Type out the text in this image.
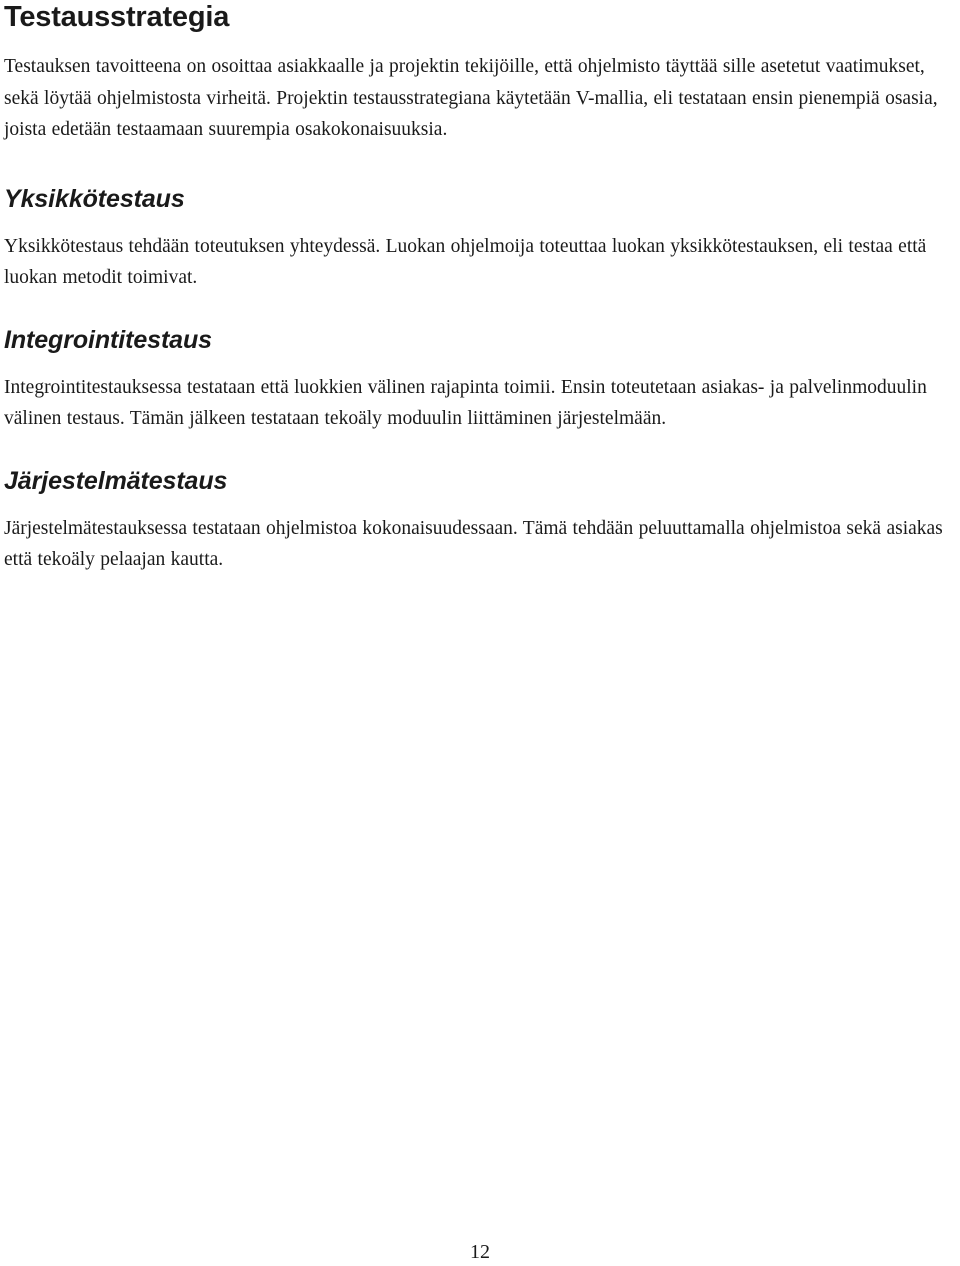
Testausstrategia

Testauksen tavoitteena on osoittaa asiakkaalle ja projektin tekijöille, että ohjelmisto täyttää sille asetetut vaatimukset, sekä löytää ohjelmistosta virheitä. Projektin testausstrategiana käytetään V-mallia, eli testataan ensin pienempiä osasia, joista edetään testaamaan suurempia osakokonaisuuksia.

Yksikkötestaus

Yksikkötestaus tehdään toteutuksen yhteydessä. Luokan ohjelmoija toteuttaa luokan yksikkötestauksen, eli testaa että luokan metodit toimivat.

Integrointitestaus

Integrointitestauksessa testataan että luokkien välinen rajapinta toimii. Ensin toteutetaan asiakas- ja palvelinmoduulin välinen testaus. Tämän jälkeen testataan tekoäly moduulin liittäminen järjestelmään.

Järjestelmätestaus

Järjestelmätestauksessa testataan ohjelmistoa kokonaisuudessaan. Tämä tehdään peluuttamalla ohjelmistoa sekä asiakas että tekoäly pelaajan kautta.

12
